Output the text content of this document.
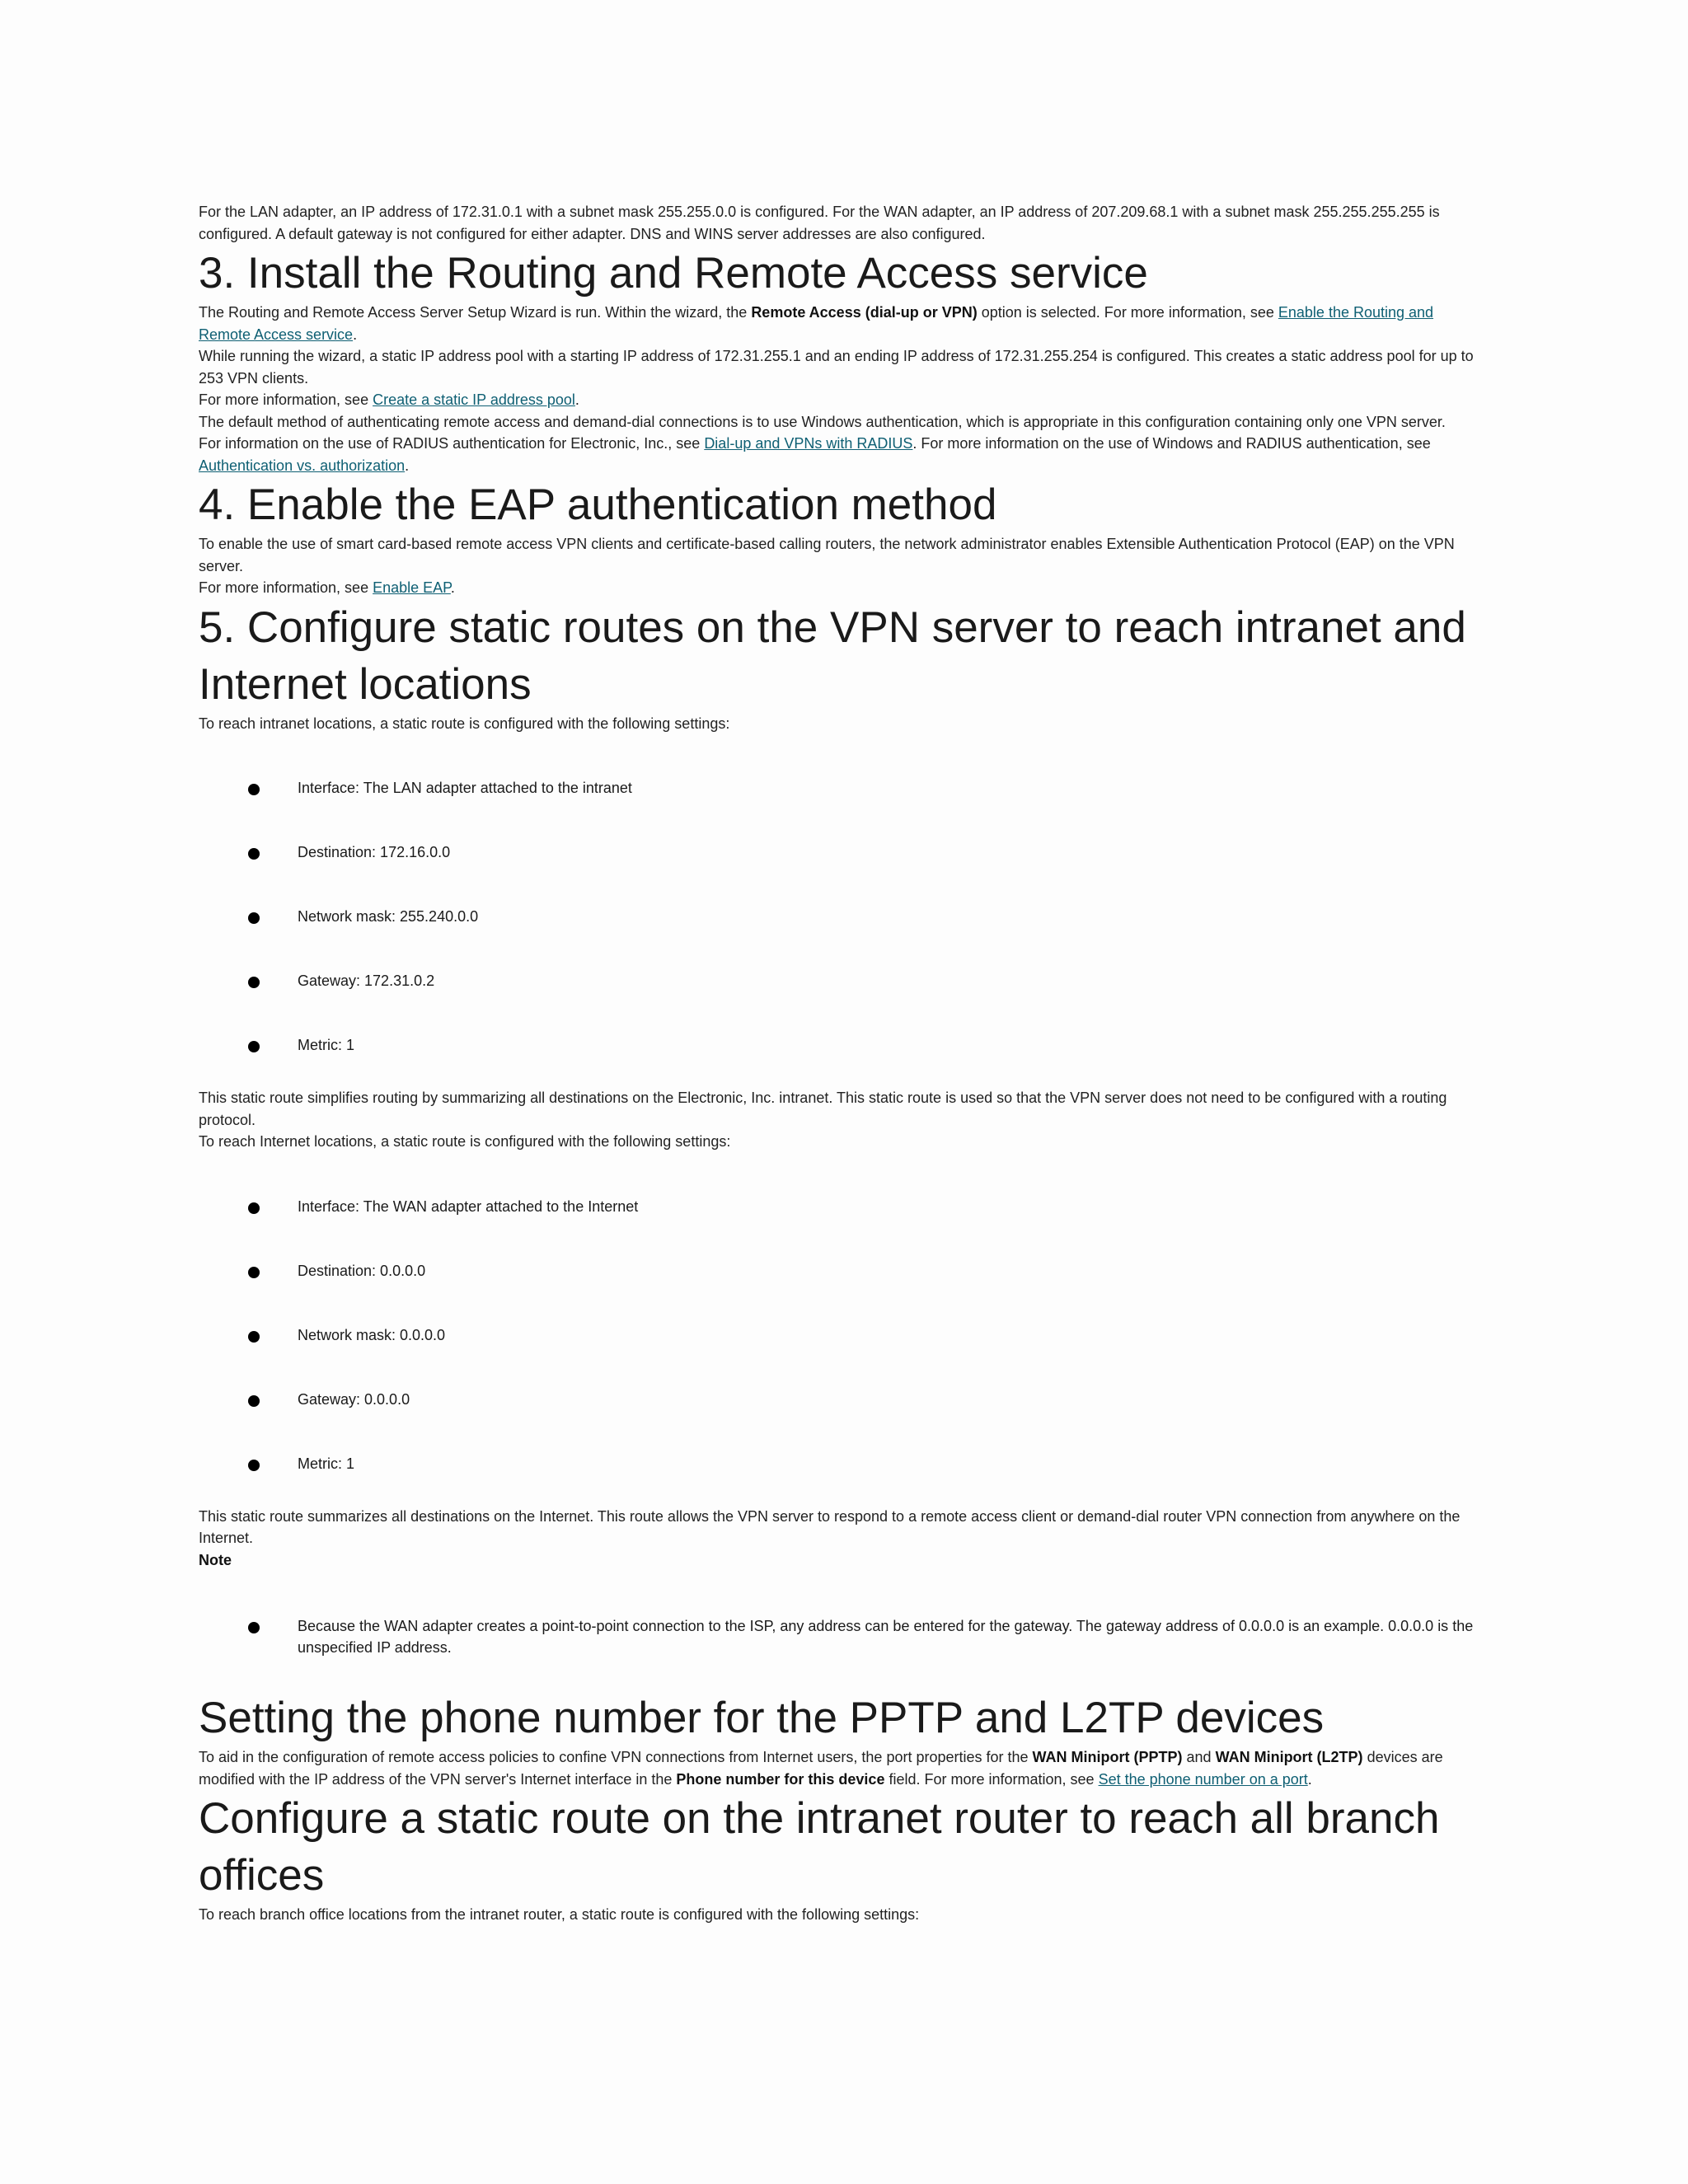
For the LAN adapter, an IP address of 172.31.0.1 with a subnet mask 255.255.0.0 is configured. For the WAN adapter, an IP address of 207.209.68.1 with a subnet mask 255.255.255.255 is configured. A default gateway is not configured for either adapter. DNS and WINS server addresses are also configured.

3. Install the Routing and Remote Access service

The Routing and Remote Access Server Setup Wizard is run. Within the wizard, the Remote Access (dial-up or VPN) option is selected. For more information, see Enable the Routing and Remote Access service.

While running the wizard, a static IP address pool with a starting IP address of 172.31.255.1 and an ending IP address of 172.31.255.254 is configured. This creates a static address pool for up to 253 VPN clients.

For more information, see Create a static IP address pool.

The default method of authenticating remote access and demand-dial connections is to use Windows authentication, which is appropriate in this configuration containing only one VPN server.

For information on the use of RADIUS authentication for Electronic, Inc., see Dial-up and VPNs with RADIUS. For more information on the use of Windows and RADIUS authentication, see Authentication vs. authorization.

4. Enable the EAP authentication method

To enable the use of smart card-based remote access VPN clients and certificate-based calling routers, the network administrator enables Extensible Authentication Protocol (EAP) on the VPN server.

For more information, see Enable EAP.

5. Configure static routes on the VPN server to reach intranet and Internet locations

To reach intranet locations, a static route is configured with the following settings:

Interface: The LAN adapter attached to the intranet
Destination: 172.16.0.0
Network mask: 255.240.0.0
Gateway: 172.31.0.2
Metric: 1

This static route simplifies routing by summarizing all destinations on the Electronic, Inc. intranet. This static route is used so that the VPN server does not need to be configured with a routing protocol.

To reach Internet locations, a static route is configured with the following settings:

Interface: The WAN adapter attached to the Internet
Destination: 0.0.0.0
Network mask: 0.0.0.0
Gateway: 0.0.0.0
Metric: 1

This static route summarizes all destinations on the Internet. This route allows the VPN server to respond to a remote access client or demand-dial router VPN connection from anywhere on the Internet.

Note

Because the WAN adapter creates a point-to-point connection to the ISP, any address can be entered for the gateway. The gateway address of 0.0.0.0 is an example. 0.0.0.0 is the unspecified IP address.
Setting the phone number for the PPTP and L2TP devices

To aid in the configuration of remote access policies to confine VPN connections from Internet users, the port properties for the WAN Miniport (PPTP) and WAN Miniport (L2TP) devices are modified with the IP address of the VPN server's Internet interface in the Phone number for this device field. For more information, see Set the phone number on a port.

Configure a static route on the intranet router to reach all branch offices

To reach branch office locations from the intranet router, a static route is configured with the following settings:
